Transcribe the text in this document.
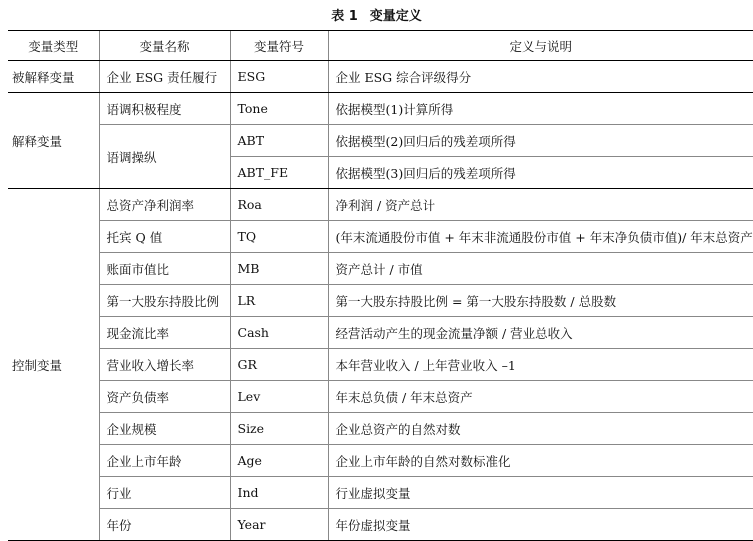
表 1 变量定义
变量类型	变量名称	变量符号	定义与说明
被解释变量	企业 ESG 责任履行	ESG	企业 ESG 综合评级得分
解释变量	语调积极程度	Tone	依据模型(1)计算所得
	语调操纵	ABT	依据模型(2)回归后的残差项所得
		ABT_FE	依据模型(3)回归后的残差项所得
控制变量	总资产净利润率	Roa	净利润 / 资产总计
	托宾 Q 值	TQ	(年末流通股份市值 + 年末非流通股份市值 + 年末净负债市值)/ 年末总资产
	账面市值比	MB	资产总计 / 市值
	第一大股东持股比例	LR	第一大股东持股比例 = 第一大股东持股数 / 总股数
	现金流比率	Cash	经营活动产生的现金流量净额 / 营业总收入
	营业收入增长率	GR	本年营业收入 / 上年营业收入 –1
	资产负债率	Lev	年末总负债 / 年末总资产
	企业规模	Size	企业总资产的自然对数
	企业上市年龄	Age	企业上市年龄的自然对数标准化
	行业	Ind	行业虚拟变量
	年份	Year	年份虚拟变量
